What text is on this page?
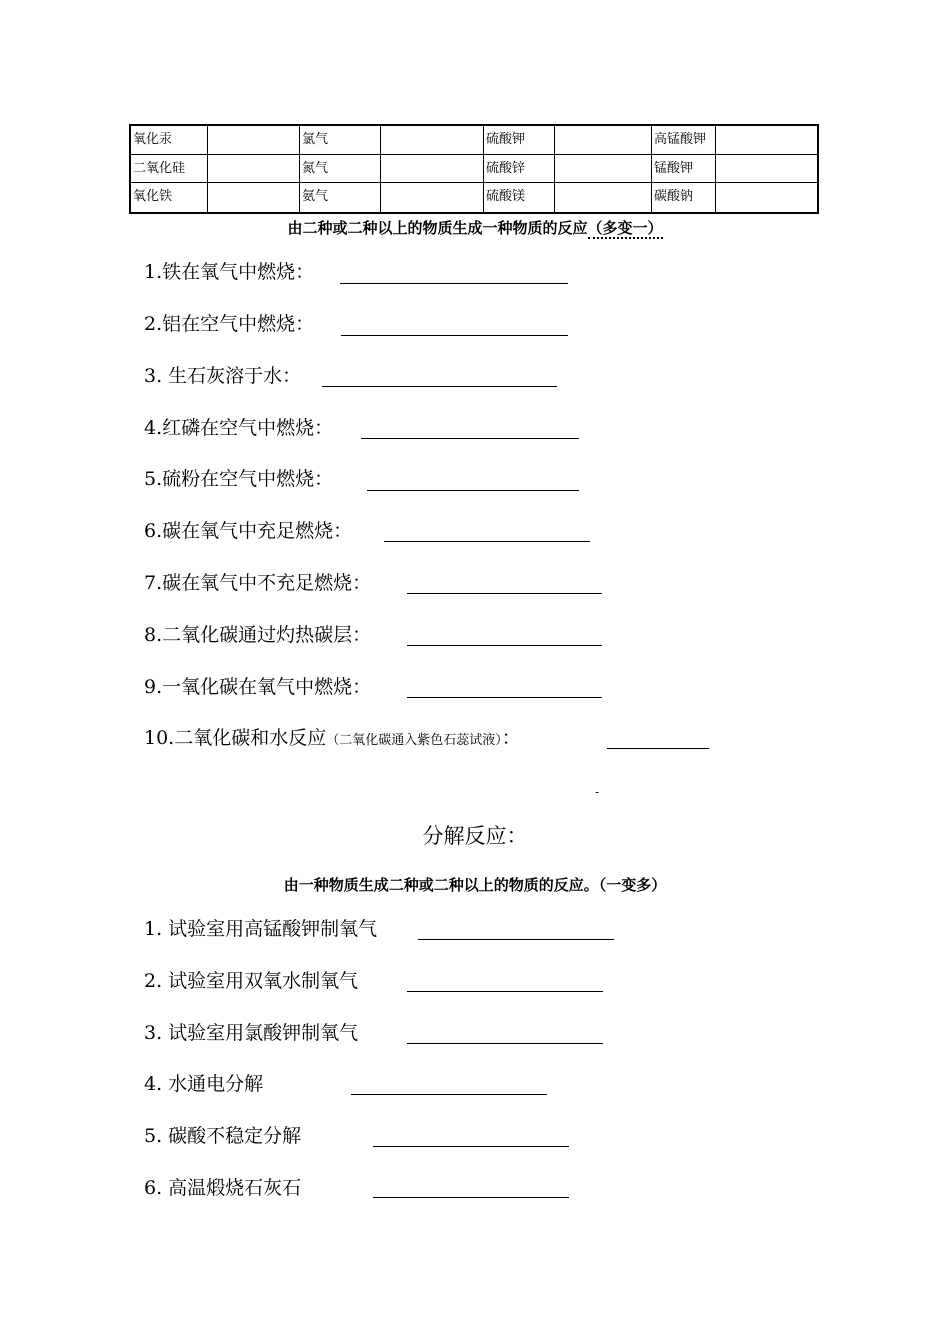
氧化汞	氯气	硫酸钾	高锰酸钾
二氧化硅	氮气	硫酸锌	锰酸钾
氧化铁	氨气	硫酸镁	碳酸钠
由二种或二种以上的物质生成一种物质的反应（多变一）
1.铁在氧气中燃烧：
2.铝在空气中燃烧：
3. 生石灰溶于水：
4.红磷在空气中燃烧：
5.硫粉在空气中燃烧：
6.碳在氧气中充足燃烧：
7.碳在氧气中不充足燃烧：
8.二氧化碳通过灼热碳层：
9.一氧化碳在氧气中燃烧：
10.二氧化碳和水反应（二氧化碳通入紫色石蕊试液）：
-
分解反应：
由一种物质生成二种或二种以上的物质的反应。（一变多）
1. 试验室用高锰酸钾制氧气
2. 试验室用双氧水制氧气
3. 试验室用氯酸钾制氧气
4. 水通电分解
5. 碳酸不稳定分解
6. 高温煅烧石灰石
